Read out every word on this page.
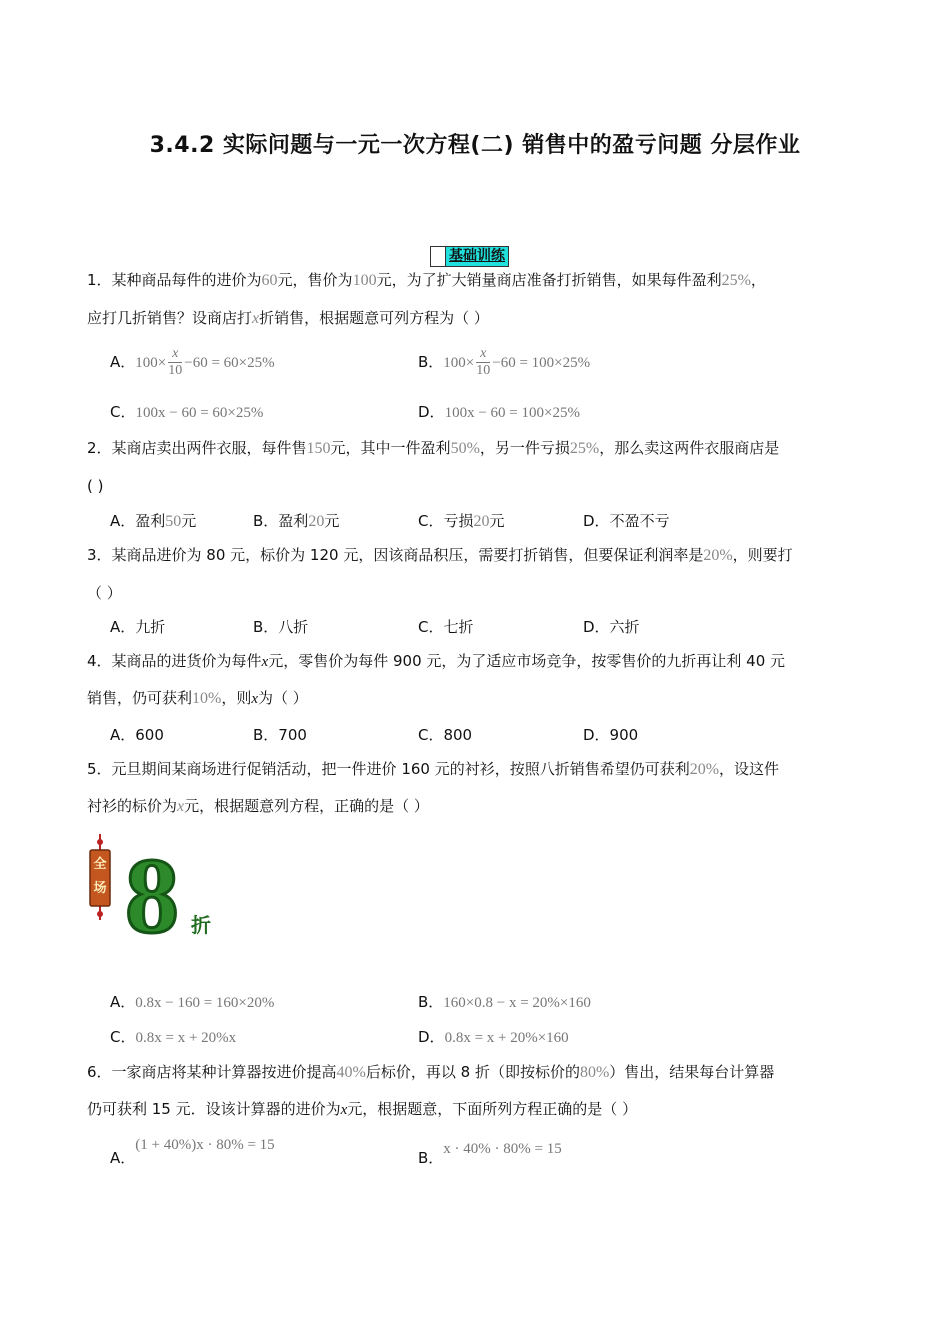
3.4.2 实际问题与一元一次方程(二) 销售中的盈亏问题 分层作业
基础训练
1．某种商品每件的进价为60元，售价为100元，为了扩大销量商店准备打折销售，如果每件盈利25%，
应打几折销售？设商店打x折销售，根据题意可列方程为（ ）
A．$100\times \frac{x}{10} -60 = 60\times 25\%$	B．$100\times \frac{x}{10} -60 = 100\times 25\%$
C．100x − 60 = 60×25%	D．100x − 60 = 100×25%
2．某商店卖出两件衣服，每件售150元，其中一件盈利50%，另一件亏损25%，那么卖这两件衣服商店是
( )
A．盈利50元	B．盈利20元	C．亏损20元	D．不盈不亏
3．某商品进价为 80 元，标价为 120 元，因该商品积压，需要打折销售，但要保证利润率是20%，则要打
（ ）
A．九折	B．八折	C．七折	D．六折
4．某商品的进货价为每件x元，零售价为每件 900 元，为了适应市场竞争，按零售价的九折再让利 40 元
销售，仍可获利10%，则x为（ ）
A．600	B．700	C．800	D．900
5．元旦期间某商场进行促销活动，把一件进价 160 元的衬衫，按照八折销售希望仍可获利20%，设这件
衬衫的标价为x元，根据题意列方程，正确的是（ ）
全
场 8 折
A．0.8x − 160 = 160×20%	B．160×0.8 − x = 20%×160
C．0.8x = x + 20%x	D．0.8x = x + 20%×160
6．一家商店将某种计算器按进价提高40%后标价，再以 8 折（即按标价的80%）售出，结果每台计算器
仍可获利 15 元．设该计算器的进价为x元，根据题意，下面所列方程正确的是（ ）
A．(1 + 40%)x · 80% = 15
B．x · 40% · 80% = 15
